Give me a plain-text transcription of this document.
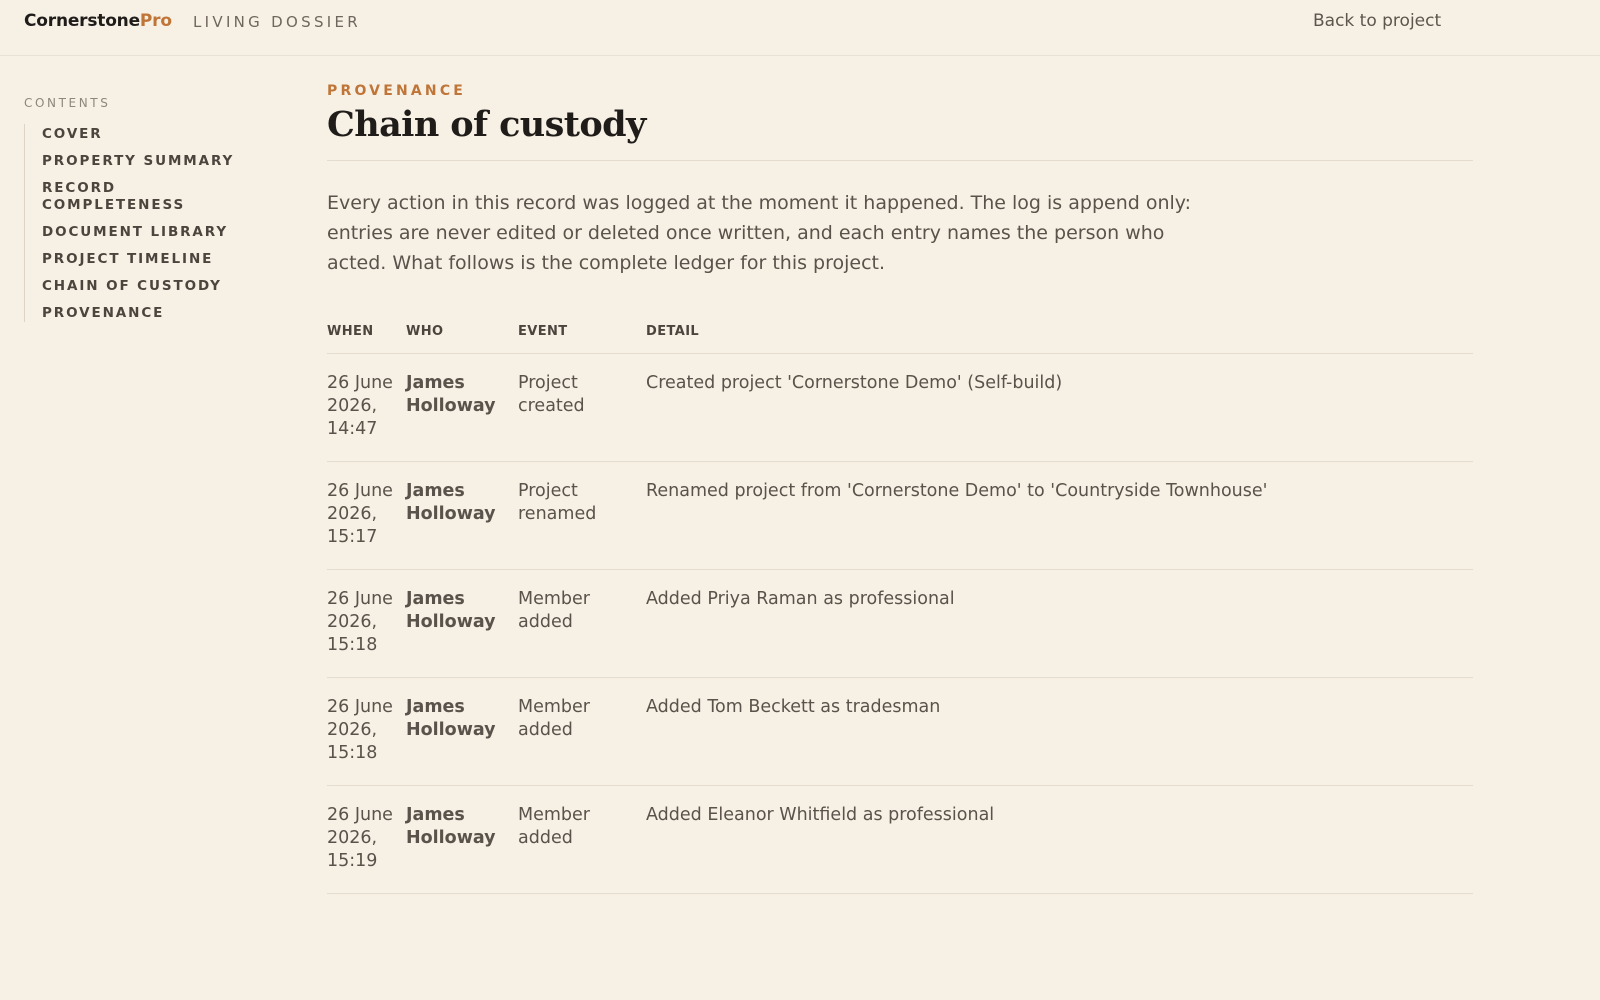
CornerstonePro LIVING DOSSIER	Back to project
CONTENTS
COVER
PROPERTY SUMMARY
RECORD COMPLETENESS
DOCUMENT LIBRARY
PROJECT TIMELINE
CHAIN OF CUSTODY
PROVENANCE
PROVENANCE
Chain of custody

Every action in this record was logged at the moment it happened. The log is append only: entries are never edited or deleted once written, and each entry names the person who acted. What follows is the complete ledger for this project.

WHEN	WHO	EVENT	DETAIL
26 June 2026, 14:47	James Holloway	Project created	Created project 'Cornerstone Demo' (Self-build)
26 June 2026, 15:17	James Holloway	Project renamed	Renamed project from 'Cornerstone Demo' to 'Countryside Townhouse'
26 June 2026, 15:18	James Holloway	Member added	Added Priya Raman as professional
26 June 2026, 15:18	James Holloway	Member added	Added Tom Beckett as tradesman
26 June 2026, 15:19	James Holloway	Member added	Added Eleanor Whitfield as professional
